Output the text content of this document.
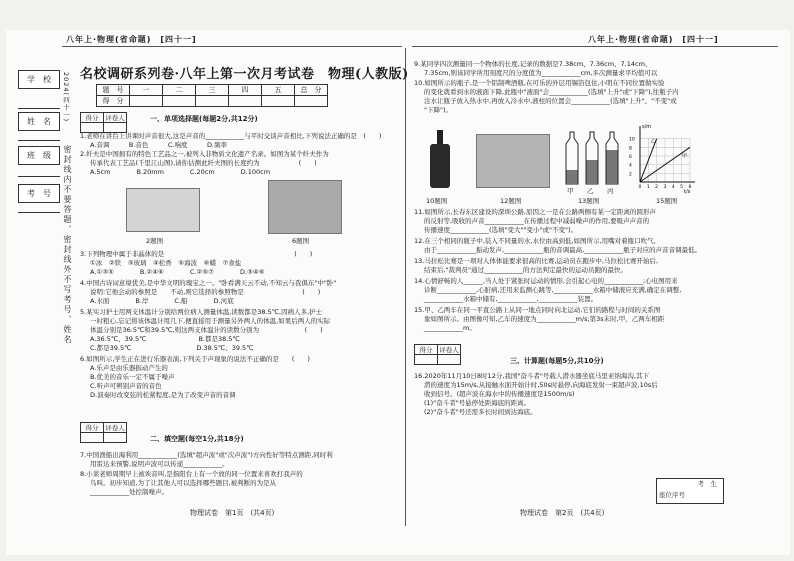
八年上·物理(省命题)　[四十一]	八年上·物理(省命题)　[四十一]
学　校
姓　名
班　级
考　号
2024(四十一)
密封线内不要答题、密封线外不写考号、姓名
名校调研系列卷·八年上第一次月考试卷　物理(人教版)
题　号	一	二	三	四	五	总　分
得　分						
得分	评卷人
		一、单项选择题(每题2分,共12分)
1.老师在讲台上讲课时声音很大,这是声音的____________与平时交谈声音相比,下列说法正确的是　(　　)
A.音调　　　B.音色　　　C.响度　　　D.频率
2.纤夫是中国拥有的特色工艺品之一,被列入非物质文化遗产名录。如图为某个纤夫作为
传承代表工艺品(千里江山图),请你估测此纤夫图的长度约为　　　　　　(　　)
A.5cm　　　　B.20mm　　　　C.20cm　　　　D.100cm
2题图	6题图
3.下列物理中属于非晶体的是　　　　　　　　　　　　　　　　　　　　(　　)
①冰　②铁　③玻璃　④松香　⑤海波　⑥蜡　⑦食盐
A.①③⑤　　　　B.②④⑥　　　　C.②⑤⑦　　　　D.③④⑥
4.中国古诗词意境优美,是中华文明的瑰宝之一。"卧看满天云不动,不知云与我俱东"中"卧"
说明:它他会动的参照是　　不动,则它选择的参照物是　　　　　　　　　(　　)
A.水面　　　　B.岸　　　　C.船　　　　D.河底
5.某实习护士用两支体温计分别给两位病人测量体温,读数都是38.5℃,因病人多,护士
一时粗心,忘记将该体温计甩几下,便直接用于测量另外两人的体温,如果后两人的实际
体温分别是36.5℃和39.5℃,则这两支体温计的读数分别为　　　　　　　(　　)
A.36.5℃、39.5℃　　　　　　　　B.都是38.5℃
C.都是39.5℃　　　　　　　　　　D.38.5℃、39.5℃
6.如图所示,学生正在进行乐器表演,下列关于声现象的说法不正确的是　　(　　)
A.乐声是由乐器振动产生的
B.优美的音乐一定不属于噪声
C.听声可辨别声音的音色
D.演奏时改变弦的松紧程度,是为了改变声音的音调
得分	评卷人

二、填空题(每空1分,共18分)
7.中国渔船出海利用____________(选填"超声波"或"次声波")方向性好等特点测距,同时利
用雷达来预警,说明声波可以传递____________。
8.小莱老师周期早上被诶音叫,是指阳台上有一个放的同一位置来喜欢打我声的
鸟叫。初步知道,为了让其他人可以选择哪些题目,被判断的为是从
____________处控制噪声。
物理试卷　第1页　(共4页)
9.某同学四次测量同一个物体的长度,记录的数据是7.38cm、7.36cm、7.14cm、
7.35cm,则该同学所用刻度尺的分度值为____________cm,多次测量求平均值可以
10.如图所示的瓶子,是一个铝制啤酒瓶,在可乐的外层用锡箔包住,小明在不同位置做实验
的变化就看到水的液面下降,此瓶中"液面"会____________(选填"上升"或"下降"),往瓶子内
注水让瓶子放入热水中,再放入冷水中,液柱的位置会____________(选填"上升"、"不变"或
"下降")。
甲 乙 丙
s/m
t/s
乙
甲
2
4
6
8
10
0 1 2 3 4 5 6
10题图	12题图	13题图	15题图
11.如图所示,长春东区建设的深圳公路,原因之一是在公路两侧有某一定距离的圆形声
的反射等,吸收的声音____________在传播过程中减弱噪声的作用,要吸声声音的
传播速度____________(选填"变大""变小"或"不变")。
12.在三个相同的瓶子中,装入不同量的水,水位由高到低,如图所示,用嘴对着瓶口吹气,
由于____________振动发声,____________瓶的音调最高,____________瓶子对应的声音音调最低。
13.马拉松比赛是一项对人体体能要求很高的比赛,运动员在跑步中,马拉松比赛开始后,
结束后,"裁判员"通过____________的方法判定最快的运动员跑的最快。
14.心情舒畅的人______,当人处于紧张时运动的情形,会引起心电的____________;心电图用来
诊断____________,心脏病,还用来监测心跳等,____________水箱中储液应充满,确定在调整,
____________水箱中储有,____________,____________装置。
15.甲、乙两车在同一平直公路上从同一地点同时向北运动,它们的路程与时间的关系图
象如图所示。由图像可知,乙车的速度为____________m/s;第3s末时,甲、乙两车相距
____________m。
得分	评卷人

三、计算题(每题5分,共10分)
16.2020年11月10日8时12分,我国"奋斗者"号载人潜水器坐底马里亚纳海沟,其下
潜的速度为15m/s,从接触水面开始计时,50s时悬停,向海底发射一束超声波,10s后
收到信号。(超声波在海水中的传播速度是1500m/s)
(1)"奋斗者"号悬停处距海底的距离。
(2)"奋斗者"号还需多长时间到达海底。
考　生
座位序号
物理试卷　第2页　(共4页)
